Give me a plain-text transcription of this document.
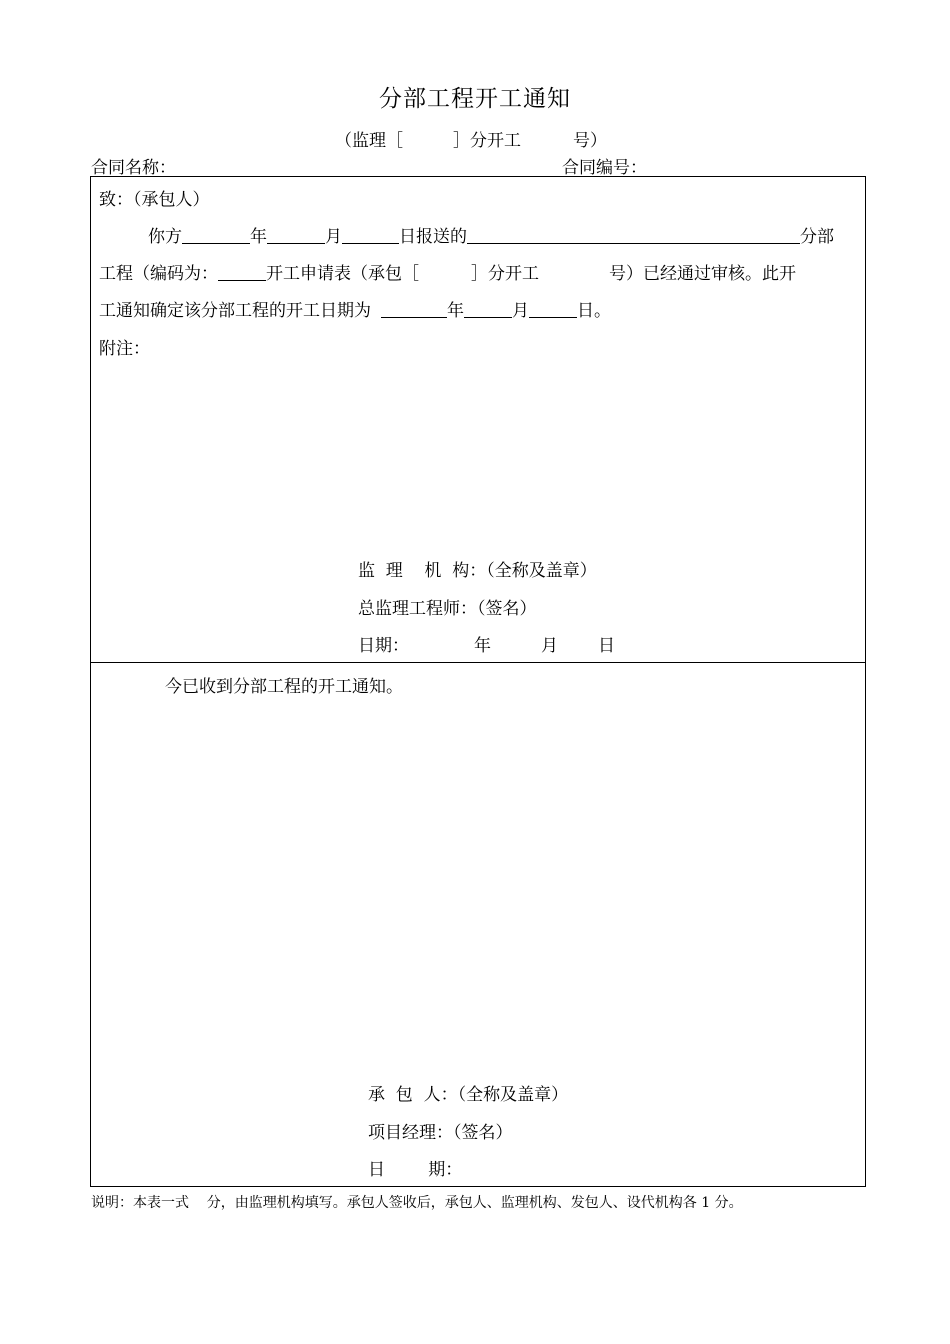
分部工程开工通知
（监理［	］分开工	号）
合同名称：	合同编号：
致：（承包人）
你方	年	月	日报送的	分部
工程（编码为：	开工申请表（承包［	］分开工	号）已经通过审核。此开
工通知确定该分部工程的开工日期为	年	月	日。
附注：
监  理    机  构：（全称及盖章）
总监理工程师：（签名）
日期：	年	月 日
今已收到分部工程的开工通知。
承  包  人：（全称及盖章）
项目经理：（签名）
日        期：
说明：本表一式    分，由监理机构填写。承包人签收后，承包人、监理机构、发包人、设代机构各 1 分。
